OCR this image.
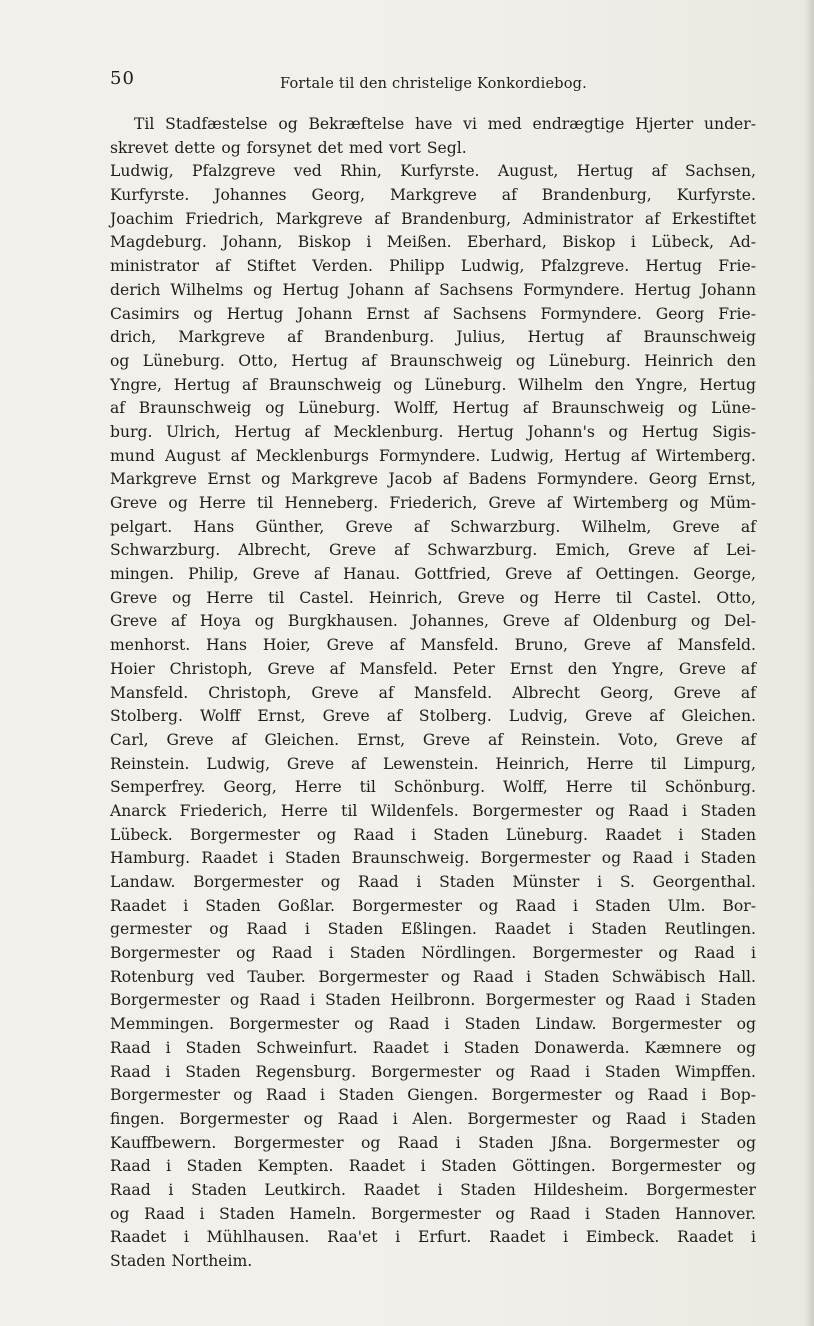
50	Fortale til den christelige Konkordiebog.
Til Stadfæstelse og Bekræftelse have vi med endrægtige Hjerter under-
skrevet dette og forsynet det med vort Segl.
Ludwig, Pfalzgreve ved Rhin, Kurfyrste. August, Hertug af Sachsen,
Kurfyrste. Johannes Georg, Markgreve af Brandenburg, Kurfyrste.
Joachim Friedrich, Markgreve af Brandenburg, Administrator af Erkestiftet
Magdeburg. Johann, Biskop i Meißen. Eberhard, Biskop i Lübeck, Ad-
ministrator af Stiftet Verden. Philipp Ludwig, Pfalzgreve. Hertug Frie-
derich Wilhelms og Hertug Johann af Sachsens Formyndere. Hertug Johann
Casimirs og Hertug Johann Ernst af Sachsens Formyndere. Georg Frie-
drich, Markgreve af Brandenburg. Julius, Hertug af Braunschweig
og Lüneburg. Otto, Hertug af Braunschweig og Lüneburg. Heinrich den
Yngre, Hertug af Braunschweig og Lüneburg. Wilhelm den Yngre, Hertug
af Braunschweig og Lüneburg. Wolff, Hertug af Braunschweig og Lüne-
burg. Ulrich, Hertug af Mecklenburg. Hertug Johann's og Hertug Sigis-
mund August af Mecklenburgs Formyndere. Ludwig, Hertug af Wirtemberg.
Markgreve Ernst og Markgreve Jacob af Badens Formyndere. Georg Ernst,
Greve og Herre til Henneberg. Friederich, Greve af Wirtemberg og Müm-
pelgart. Hans Günther, Greve af Schwarzburg. Wilhelm, Greve af
Schwarzburg. Albrecht, Greve af Schwarzburg. Emich, Greve af Lei-
mingen. Philip, Greve af Hanau. Gottfried, Greve af Oettingen. George,
Greve og Herre til Castel. Heinrich, Greve og Herre til Castel. Otto,
Greve af Hoya og Burgkhausen. Johannes, Greve af Oldenburg og Del-
menhorst. Hans Hoier, Greve af Mansfeld. Bruno, Greve af Mansfeld.
Hoier Christoph, Greve af Mansfeld. Peter Ernst den Yngre, Greve af
Mansfeld. Christoph, Greve af Mansfeld. Albrecht Georg, Greve af
Stolberg. Wolff Ernst, Greve af Stolberg. Ludvig, Greve af Gleichen.
Carl, Greve af Gleichen. Ernst, Greve af Reinstein. Voto, Greve af
Reinstein. Ludwig, Greve af Lewenstein. Heinrich, Herre til Limpurg,
Semperfrey. Georg, Herre til Schönburg. Wolff, Herre til Schönburg.
Anarck Friederich, Herre til Wildenfels. Borgermester og Raad i Staden
Lübeck. Borgermester og Raad i Staden Lüneburg. Raadet i Staden
Hamburg. Raadet i Staden Braunschweig. Borgermester og Raad i Staden
Landaw. Borgermester og Raad i Staden Münster i S. Georgenthal.
Raadet i Staden Goßlar. Borgermester og Raad i Staden Ulm. Bor-
germester og Raad i Staden Eßlingen. Raadet i Staden Reutlingen.
Borgermester og Raad i Staden Nördlingen. Borgermester og Raad i
Rotenburg ved Tauber. Borgermester og Raad i Staden Schwäbisch Hall.
Borgermester og Raad i Staden Heilbronn. Borgermester og Raad i Staden
Memmingen. Borgermester og Raad i Staden Lindaw. Borgermester og
Raad i Staden Schweinfurt. Raadet i Staden Donawerda. Kæmnere og
Raad i Staden Regensburg. Borgermester og Raad i Staden Wimpffen.
Borgermester og Raad i Staden Giengen. Borgermester og Raad i Bop-
fingen. Borgermester og Raad i Alen. Borgermester og Raad i Staden
Kauffbewern. Borgermester og Raad i Staden Jßna. Borgermester og
Raad i Staden Kempten. Raadet i Staden Göttingen. Borgermester og
Raad i Staden Leutkirch. Raadet i Staden Hildesheim. Borgermester
og Raad i Staden Hameln. Borgermester og Raad i Staden Hannover.
Raadet i Mühlhausen. Raa'et i Erfurt. Raadet i Eimbeck. Raadet i
Staden Northeim.
